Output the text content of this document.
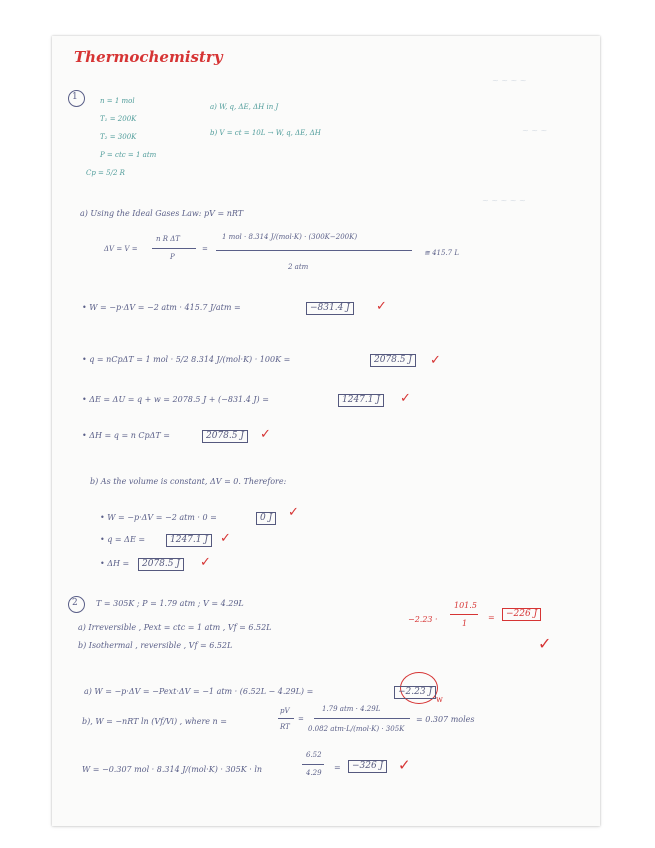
~ ~ ~ ~
~ ~ ~
~ ~ ~ ~ ~
Thermochemistry
1	n = 1 mol
T₁ = 200K
T₂ = 300K
P = ctc = 1 atm
Cp = 5/2 R
a) W, q, ΔE, ΔH in J
b) V = ct = 10L → W, q, ΔE, ΔH
a) Using the Ideal Gases Law: pV = nRT
ΔV = V =
n R ΔT
P
=
1 mol · 8.314 J/(mol·K) · (300K−200K)
2 atm
≅ 415.7 L
• W = −p·ΔV = −2 atm · 415.7 J/atm =	−831.4 J	✓
• q = nCpΔT = 1 mol · 5/2 8.314 J/(mol·K) · 100K =	2078.5 J	✓
• ΔE = ΔU = q + w = 2078.5 J + (−831.4 J) =	1247.1 J	✓
• ΔH = q = n CpΔT =	2078.5 J	✓
b) As the volume is constant, ΔV = 0. Therefore:
• W = −p·ΔV = −2 atm · 0 =	0 J	✓
• q = ΔE =	1247.1 J ✓
• ΔH =	2078.5 J	✓
2 T = 305K ; P = 1.79 atm ; V = 4.29L
a) Irreversible , Pext = ctc = 1 atm , Vf = 6.52L
b) Isothermal , reversible , Vf = 6.52L
−2.23 ·
101.5
1
=	−226 J
✓
a) W = −p·ΔV = −Pext·ΔV = −1 atm · (6.52L − 4.29L) =	−2.23 J
w
b), W = −nRT ln (Vf/Vi) , where n =
pV
RT
=
1.79 atm · 4.29L
0.082 atm·L/(mol·K) · 305K
= 0.307 moles
W = −0.307 mol · 8.314 J/(mol·K) · 305K · ln
6.52
4.29
=	−326 J ✓
